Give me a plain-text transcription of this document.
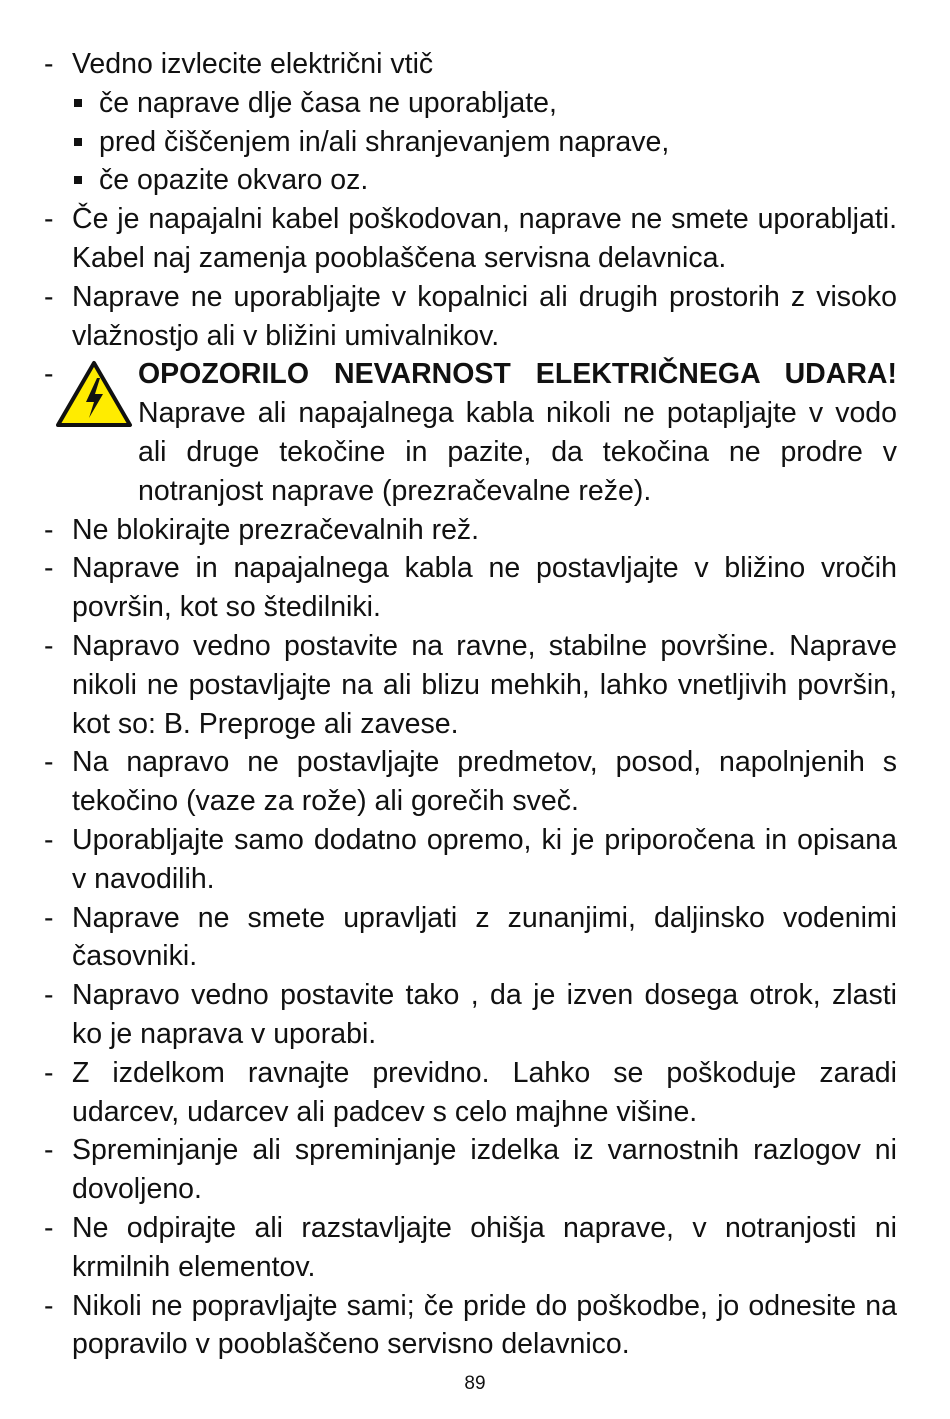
- Vedno izvlecite električni vtič
če naprave dlje časa ne uporabljate,
pred čiščenjem in/ali shranjevanjem naprave,
če opazite okvaro oz.
- Če je napajalni kabel poškodovan, naprave ne smete uporabljati. Kabel naj zamenja pooblaščena servisna delavnica.
- Naprave ne uporabljajte v kopalnici ali drugih prostorih z visoko vlažnostjo ali v bližini umivalnikov.
-	OPOZORILO NEVARNOST ELEKTRIČNEGA UDARA!
Naprave ali napajalnega kabla nikoli ne potapljajte v vodo ali druge tekočine in pazite, da tekočina ne prodre v notranjost naprave (prezračevalne reže).
- Ne blokirajte prezračevalnih rež.
- Naprave in napajalnega kabla ne postavljajte v bližino vročih površin, kot so štedilniki.
- Napravo vedno postavite na ravne, stabilne površine. Naprave nikoli ne postavljajte na ali blizu mehkih, lahko vnetljivih površin, kot so: B. Preproge ali zavese.
- Na napravo ne postavljajte predmetov, posod, napolnjenih s tekočino (vaze za rože) ali gorečih sveč.
- Uporabljajte samo dodatno opremo, ki je priporočena in opisana v navodilih.
- Naprave ne smete upravljati z zunanjimi, daljinsko vodenimi časovniki.
- Napravo vedno postavite tako , da je izven dosega otrok, zlasti ko je naprava v uporabi.
- Z izdelkom ravnajte previdno. Lahko se poškoduje zaradi udarcev, udarcev ali padcev s celo majhne višine.
- Spreminjanje ali spreminjanje izdelka iz varnostnih razlogov ni dovoljeno.
- Ne odpirajte ali razstavljajte ohišja naprave, v notranjosti ni krmilnih elementov.
- Nikoli ne popravljajte sami; če pride do poškodbe, jo odnesite na popravilo v pooblaščeno servisno delavnico.
89
